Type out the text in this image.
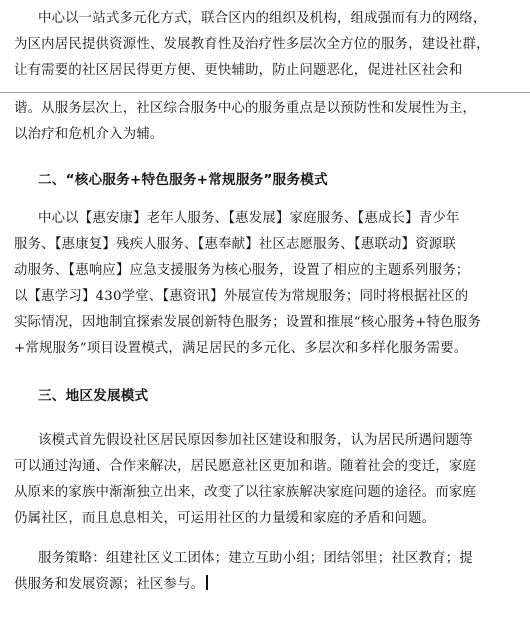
中心以一站式多元化方式，联合区内的组织及机构，组成强而有力的网络，
为区内居民提供资源性、发展教育性及治疗性多层次全方位的服务，建设社群，
让有需要的社区居民得更方便、更快辅助，防止问题恶化，促进社区社会和
谐。从服务层次上，社区综合服务中心的服务重点是以预防性和发展性为主，
以治疗和危机介入为辅。
二、“核心服务+特色服务+常规服务”服务模式
中心以【惠安康】老年人服务、【惠发展】家庭服务、【惠成长】青少年
服务、【惠康复】残疾人服务、【惠奉献】社区志愿服务、【惠联动】资源联
动服务、【惠响应】应急支援服务为核心服务，设置了相应的主题系列服务；
以【惠学习】430学堂、【惠资讯】外展宣传为常规服务；同时将根据社区的
实际情况，因地制宜探索发展创新特色服务；设置和推展“核心服务+特色服务
+常规服务”项目设置模式，满足居民的多元化、多层次和多样化服务需要。
三、地区发展模式
该模式首先假设社区居民原因参加社区建设和服务，认为居民所遇问题等
可以通过沟通、合作来解决，居民愿意社区更加和谐。随着社会的变迁，家庭
从原来的家族中渐渐独立出来，改变了以往家族解决家庭问题的途径。而家庭
仍属社区，而且息息相关，可运用社区的力量缓和家庭的矛盾和问题。
服务策略：组建社区义工团体；建立互助小组；团结邻里；社区教育；提
供服务和发展资源；社区参与。
